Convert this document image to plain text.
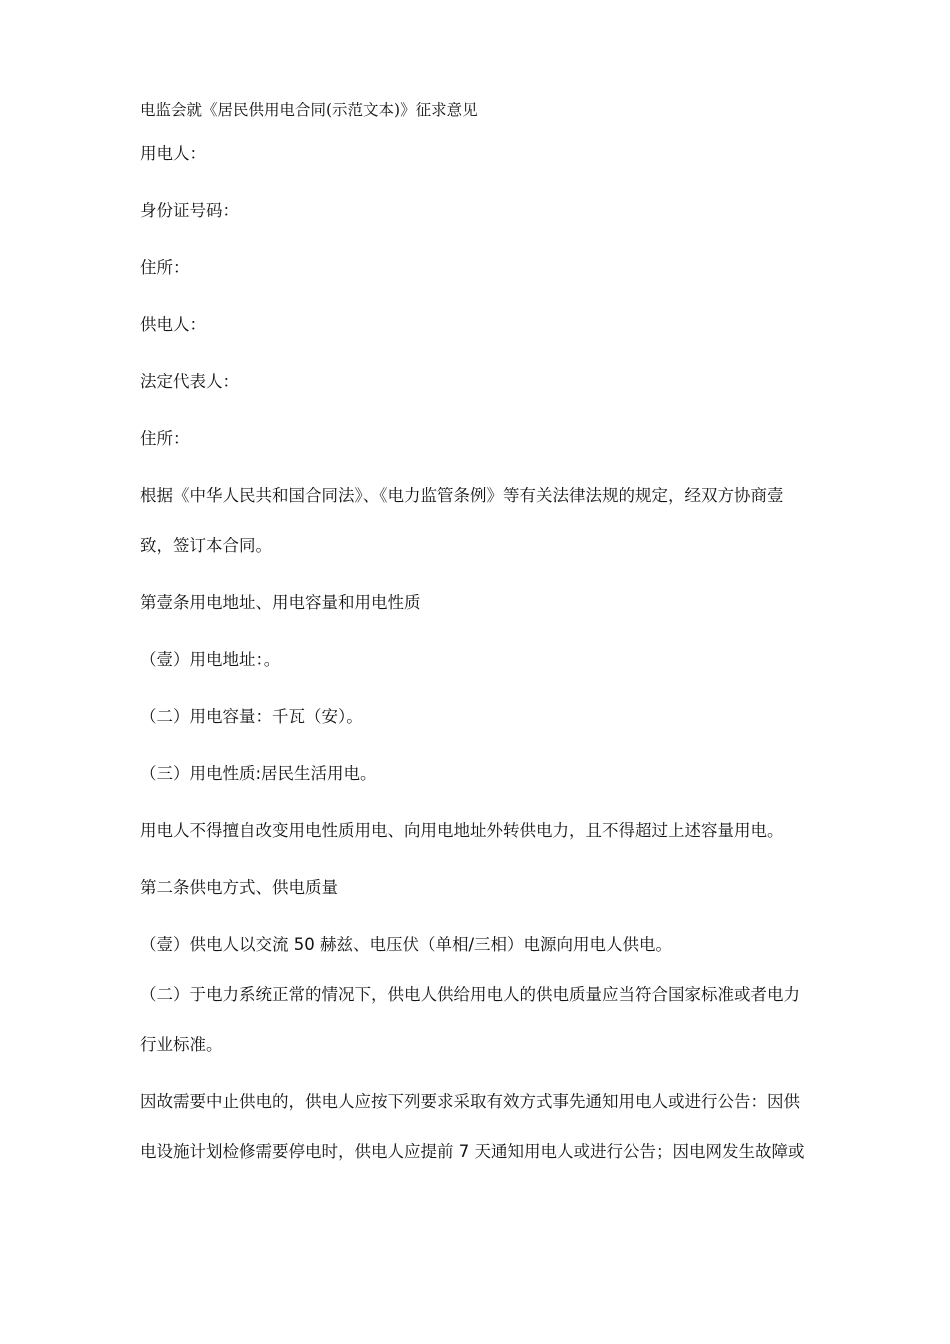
电监会就《居民供用电合同(示范文本)》征求意见
用电人：
身份证号码：
住所：
供电人：
法定代表人：
住所：
根据《中华人民共和国合同法》、《电力监管条例》等有关法律法规的规定，经双方协商壹
致，签订本合同。
第壹条用电地址、用电容量和用电性质
（壹）用电地址：。
（二）用电容量：千瓦（安）。
（三）用电性质:居民生活用电。
用电人不得擅自改变用电性质用电、向用电地址外转供电力，且不得超过上述容量用电。
第二条供电方式、供电质量
（壹）供电人以交流 50 赫兹、电压伏（单相/三相）电源向用电人供电。
（二）于电力系统正常的情况下，供电人供给用电人的供电质量应当符合国家标准或者电力
行业标准。
因故需要中止供电的，供电人应按下列要求采取有效方式事先通知用电人或进行公告：因供
电设施计划检修需要停电时，供电人应提前 7 天通知用电人或进行公告；因电网发生故障或
